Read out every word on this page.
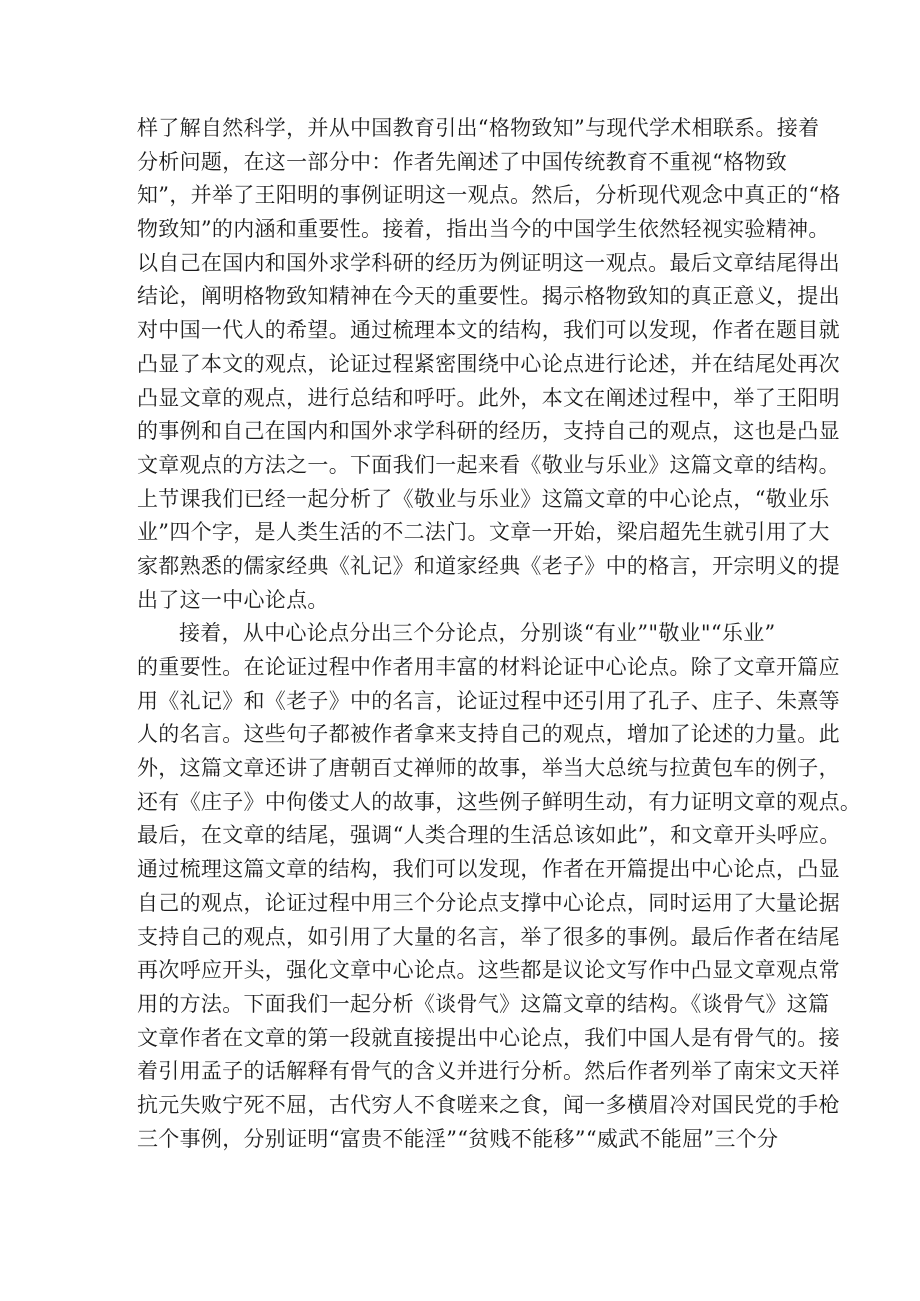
样了解自然科学，并从中国教育引出“格物致知”与现代学术相联系。接着
分析问题，在这一部分中：作者先阐述了中国传统教育不重视“格物致
知”，并举了王阳明的事例证明这一观点。然后，分析现代观念中真正的“格
物致知”的内涵和重要性。接着，指出当今的中国学生依然轻视实验精神。
以自己在国内和国外求学科研的经历为例证明这一观点。最后文章结尾得出
结论，阐明格物致知精神在今天的重要性。揭示格物致知的真正意义，提出
对中国一代人的希望。通过梳理本文的结构，我们可以发现，作者在题目就
凸显了本文的观点，论证过程紧密围绕中心论点进行论述，并在结尾处再次
凸显文章的观点，进行总结和呼吁。此外，本文在阐述过程中，举了王阳明
的事例和自己在国内和国外求学科研的经历，支持自己的观点，这也是凸显
文章观点的方法之一。下面我们一起来看《敬业与乐业》这篇文章的结构。
上节课我们已经一起分析了《敬业与乐业》这篇文章的中心论点，“敬业乐
业”四个字，是人类生活的不二法门。文章一开始，梁启超先生就引用了大
家都熟悉的儒家经典《礼记》和道家经典《老子》中的格言，开宗明义的提
出了这一中心论点。
接着，从中心论点分出三个分论点，分别谈“有业”"敬业"“乐业”
的重要性。在论证过程中作者用丰富的材料论证中心论点。除了文章开篇应
用《礼记》和《老子》中的名言，论证过程中还引用了孔子、庄子、朱熹等
人的名言。这些句子都被作者拿来支持自己的观点，增加了论述的力量。此
外，这篇文章还讲了唐朝百丈禅师的故事，举当大总统与拉黄包车的例子，
还有《庄子》中佝偻丈人的故事，这些例子鲜明生动，有力证明文章的观点。
最后，在文章的结尾，强调“人类合理的生活总该如此”，和文章开头呼应。
通过梳理这篇文章的结构，我们可以发现，作者在开篇提出中心论点，凸显
自己的观点，论证过程中用三个分论点支撑中心论点，同时运用了大量论据
支持自己的观点，如引用了大量的名言，举了很多的事例。最后作者在结尾
再次呼应开头，强化文章中心论点。这些都是议论文写作中凸显文章观点常
用的方法。下面我们一起分析《谈骨气》这篇文章的结构。《谈骨气》这篇
文章作者在文章的第一段就直接提出中心论点，我们中国人是有骨气的。接
着引用孟子的话解释有骨气的含义并进行分析。然后作者列举了南宋文天祥
抗元失败宁死不屈，古代穷人不食嗟来之食，闻一多横眉冷对国民党的手枪
三个事例，分别证明“富贵不能淫”“贫贱不能移”“威武不能屈”三个分
